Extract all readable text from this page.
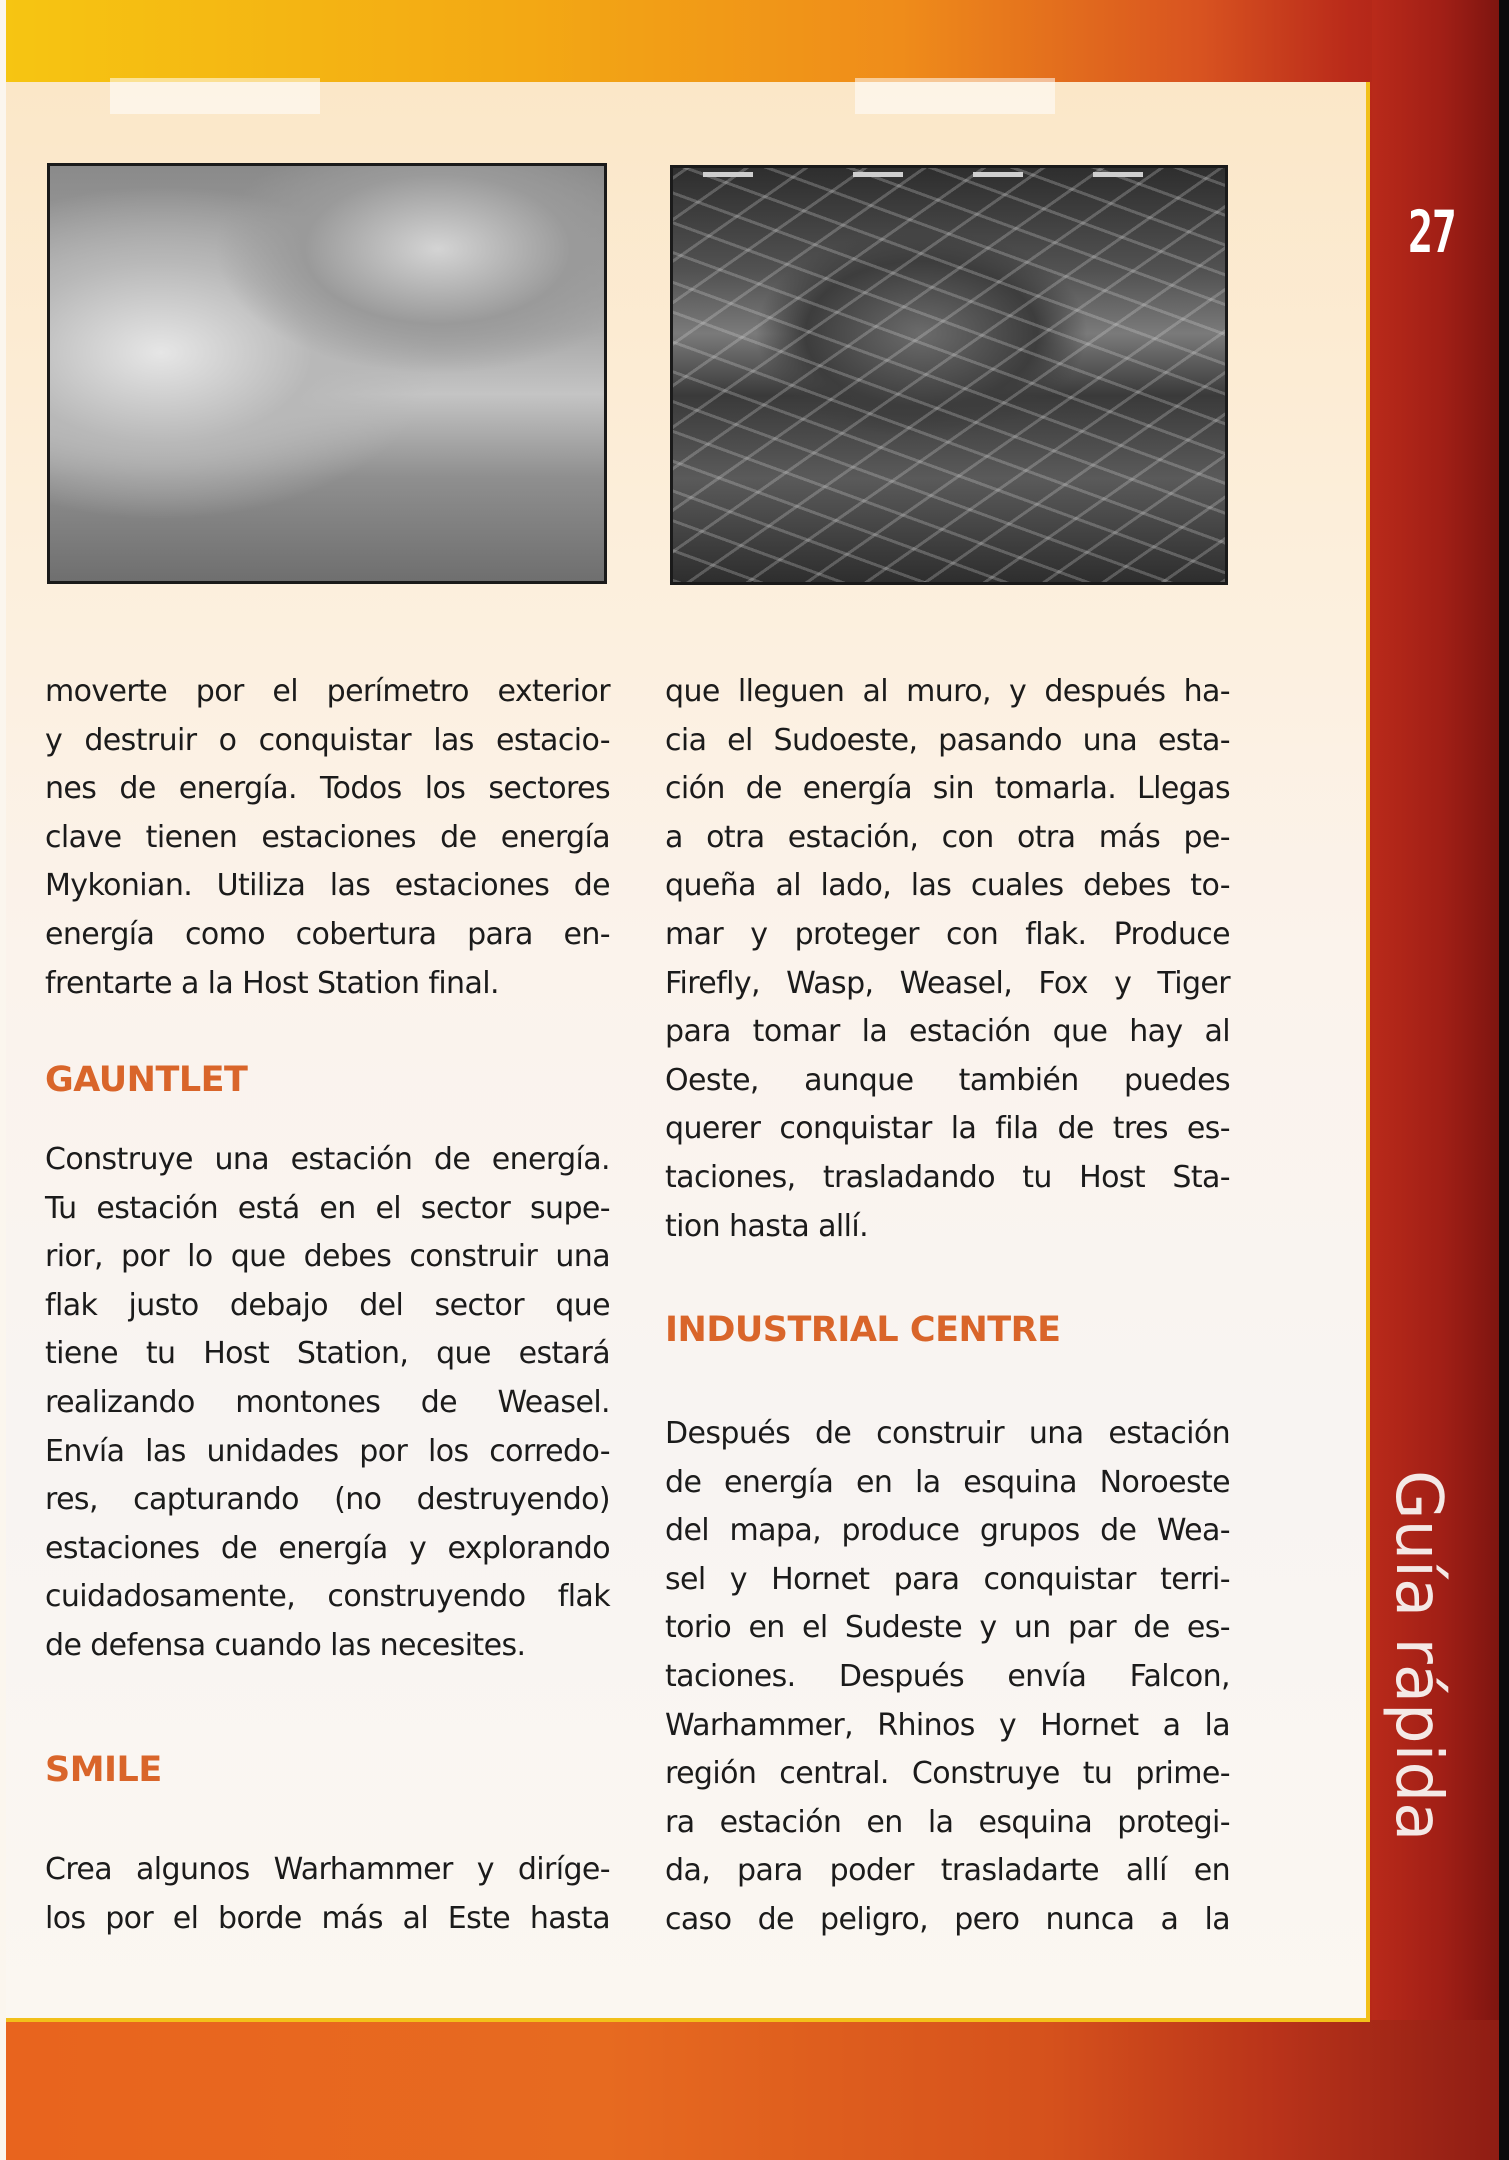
27
Guía rápida
moverte por el perímetro exterior
y destruir o conquistar las estacio-
nes de energía. Todos los sectores
clave tienen estaciones de energía
Mykonian. Utiliza las estaciones de
energía como cobertura para en-
frentarte a la Host Station final.
GAUNTLET
Construye una estación de energía.
Tu estación está en el sector supe-
rior, por lo que debes construir una
flak justo debajo del sector que
tiene tu Host Station, que estará
realizando montones de Weasel.
Envía las unidades por los corredo-
res, capturando (no destruyendo)
estaciones de energía y explorando
cuidadosamente, construyendo flak
de defensa cuando las necesites.
SMILE
Crea algunos Warhammer y diríge-
los por el borde más al Este hasta
que lleguen al muro, y después ha-
cia el Sudoeste, pasando una esta-
ción de energía sin tomarla. Llegas
a otra estación, con otra más pe-
queña al lado, las cuales debes to-
mar y proteger con flak. Produce
Firefly, Wasp, Weasel, Fox y Tiger
para tomar la estación que hay al
Oeste, aunque también puedes
querer conquistar la fila de tres es-
taciones, trasladando tu Host Sta-
tion hasta allí.
INDUSTRIAL CENTRE
Después de construir una estación
de energía en la esquina Noroeste
del mapa, produce grupos de Wea-
sel y Hornet para conquistar terri-
torio en el Sudeste y un par de es-
taciones. Después envía Falcon,
Warhammer, Rhinos y Hornet a la
región central. Construye tu prime-
ra estación en la esquina protegi-
da, para poder trasladarte allí en
caso de peligro, pero nunca a la
